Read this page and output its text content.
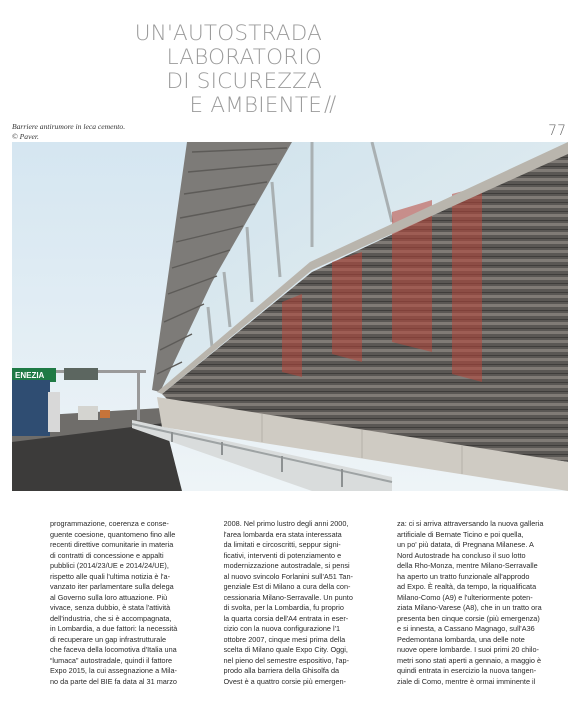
UN'AUTOSTRADA
LABORATORIO
DI SICUREZZA
E AMBIENTE //
Barriere antirumore in leca cemento.
© Paver.	77
ENEZIA
programmazione, coerenza e conse-
guente coesione, quantomeno fino alle
recenti direttive comunitarie in materia
di contratti di concessione e appalti
pubblici (2014/23/UE e 2014/24/UE),
rispetto alle quali l'ultima notizia è l'a-
vanzato iter parlamentare sulla delega
al Governo sulla loro attuazione. Più
vivace, senza dubbio, è stata l'attività
dell'industria, che si è accompagnata,
in Lombardia, a due fattori: la necessità
di recuperare un gap infrastrutturale
che faceva della locomotiva d'Italia una
“lumaca” autostradale, quindi il fattore
Expo 2015, la cui assegnazione a Mila-
no da parte del BIE fa data al 31 marzo
2008. Nel primo lustro degli anni 2000,
l'area lombarda era stata interessata
da limitati e circoscritti, seppur signi-
ficativi, interventi di potenziamento e
modernizzazione autostradale, si pensi
al nuovo svincolo Forlanini sull'A51 Tan-
genziale Est di Milano a cura della con-
cessionaria Milano-Serravalle. Un punto
di svolta, per la Lombardia, fu proprio
la quarta corsia dell'A4 entrata in eser-
cizio con la nuova configurazione l'1
ottobre 2007, cinque mesi prima della
scelta di Milano quale Expo City. Oggi,
nel pieno del semestre espositivo, l'ap-
prodo alla barriera della Ghisolfa da
Ovest è a quattro corsie più emergen-
za: ci si arriva attraversando la nuova galleria
artificiale di Bernate Ticino e poi quella,
un po' più datata, di Pregnana Milanese. A
Nord Autostrade ha concluso il suo lotto
della Rho-Monza, mentre Milano-Serravalle
ha aperto un tratto funzionale all'approdo
ad Expo. È realtà, da tempo, la riqualificata
Milano-Como (A9) e l'ulteriormente poten-
ziata Milano-Varese (A8), che in un tratto ora
presenta ben cinque corsie (più emergenza)
e si innesta, a Cassano Magnago, sull'A36
Pedemontana lombarda, una delle note
nuove opere lombarde. I suoi primi 20 chilo-
metri sono stati aperti a gennaio, a maggio è
quindi entrata in esercizio la nuova tangen-
ziale di Como, mentre è ormai imminente il
